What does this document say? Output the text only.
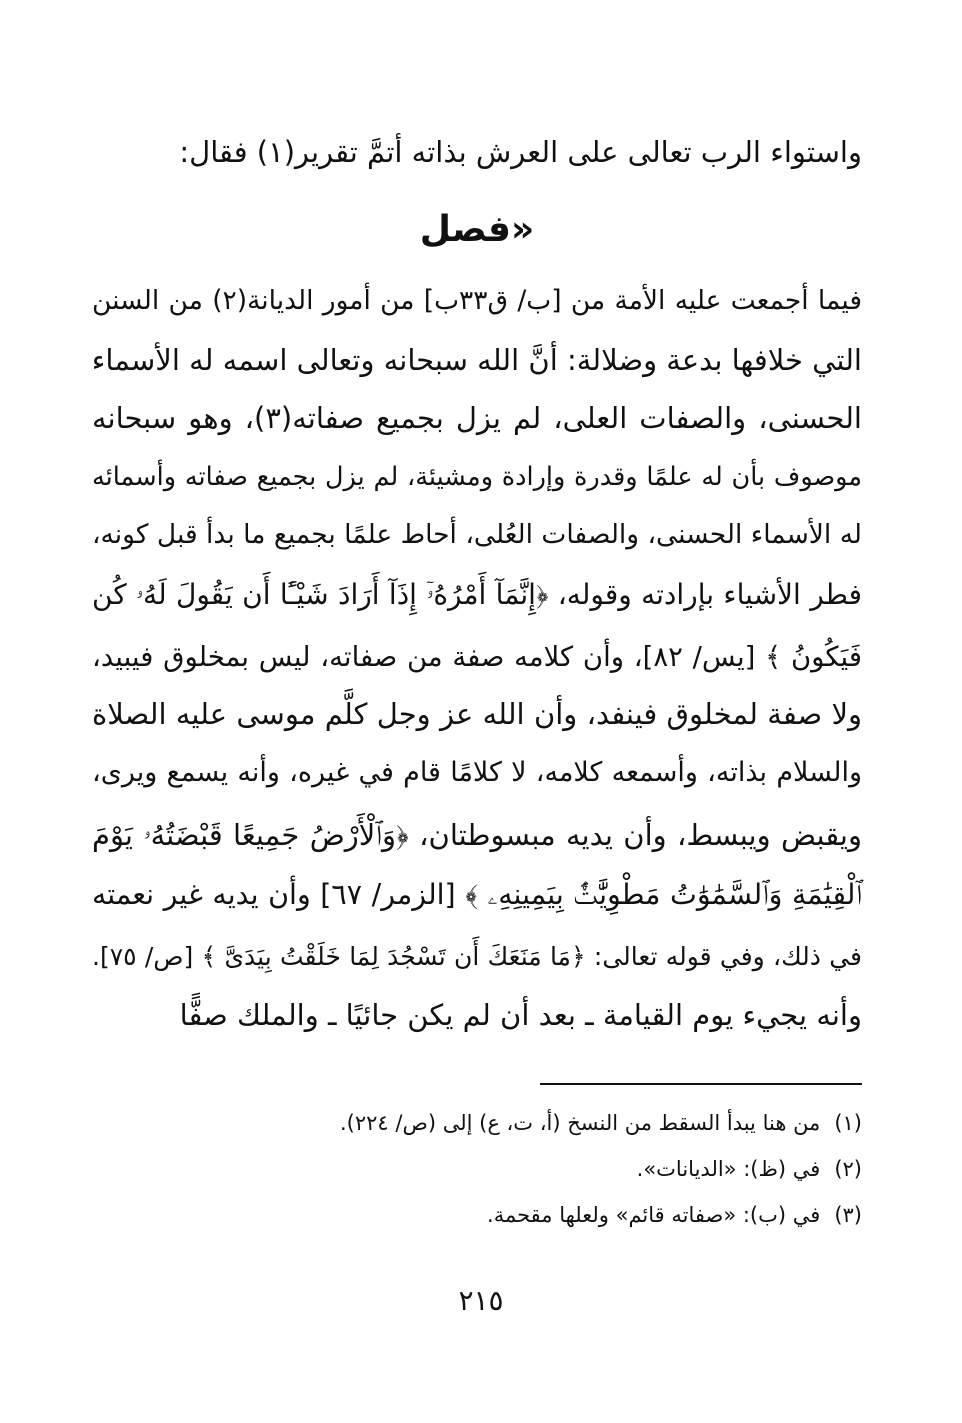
واستواء الرب تعالى على العرش بذاته أتمَّ تقرير(١) فقال:
«فصل
فيما أجمعت عليه الأمة من [ب/ ق٣٣ب] من أمور الديانة(٢) من السنن
التي خلافها بدعة وضلالة: أنَّ الله سبحانه وتعالى اسمه له الأسماء
الحسنى، والصفات العلى، لم يزل بجميع صفاته(٣)، وهو سبحانه
موصوف بأن له علمًا وقدرة وإرادة ومشيئة، لم يزل بجميع صفاته وأسمائه
له الأسماء الحسنى، والصفات العُلى، أحاط علمًا بجميع ما بدأ قبل كونه،
فطر الأشياء بإرادته وقوله، ﴿إِنَّمَآ أَمْرُهُۥٓ إِذَآ أَرَادَ شَيْـًٔا أَن يَقُولَ لَهُۥ كُن
فَيَكُونُ ﴾ [يس/ ٨٢]، وأن كلامه صفة من صفاته، ليس بمخلوق فيبيد،
ولا صفة لمخلوق فينفد، وأن الله عز وجل كلَّم موسى عليه الصلاة
والسلام بذاته، وأسمعه كلامه، لا كلامًا قام في غيره، وأنه يسمع ويرى،
ويقبض ويبسط، وأن يديه مبسوطتان، ﴿وَٱلْأَرْضُ جَمِيعًا قَبْضَتُهُۥ يَوْمَ
ٱلْقِيَٰمَةِ وَٱلسَّمَٰوَٰتُ مَطْوِيَّٰتٌۢ بِيَمِينِهِۦ ﴾ [الزمر/ ٦٧] وأن يديه غير نعمته
في ذلك، وفي قوله تعالى: ﴿مَا مَنَعَكَ أَن تَسْجُدَ لِمَا خَلَقْتُ بِيَدَىَّ ﴾ [ص/ ٧٥].
وأنه يجيء يوم القيامة ـ بعد أن لم يكن جائيًا ـ والملك صفًّا
(١)من هنا يبدأ السقط من النسخ (أ، ت، ع) إلى (ص/ ٢٢٤).
(٢)في (ظ): «الديانات».
(٣)في (ب): «صفاته قائم» ولعلها مقحمة.
٢١٥
